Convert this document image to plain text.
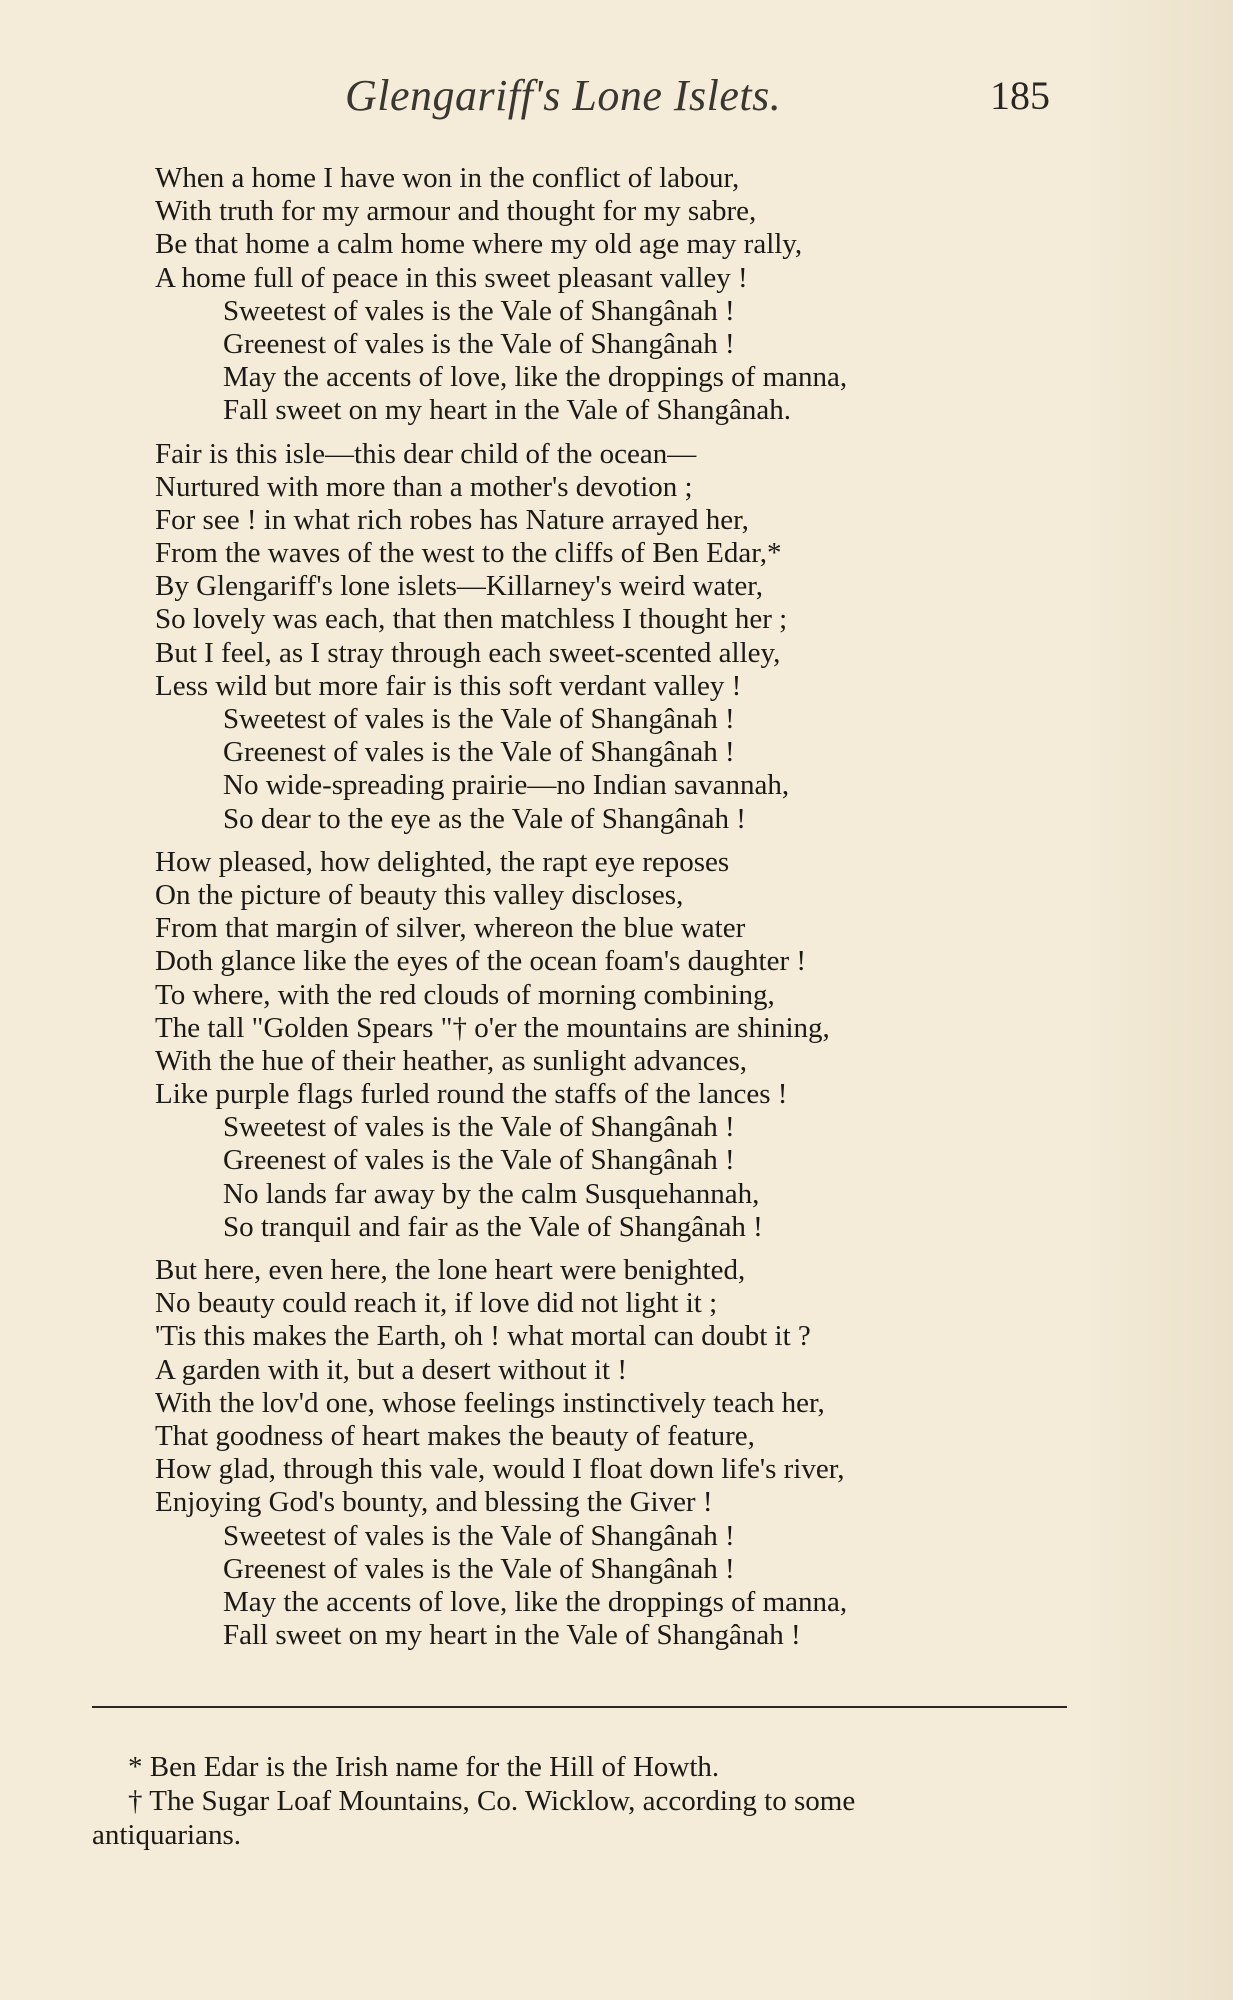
Glengariff's Lone Islets.	185
When a home I have won in the conflict of labour,
With truth for my armour and thought for my sabre,
Be that home a calm home where my old age may rally,
A home full of peace in this sweet pleasant valley !
Sweetest of vales is the Vale of Shangânah !
Greenest of vales is the Vale of Shangânah !
May the accents of love, like the droppings of manna,
Fall sweet on my heart in the Vale of Shangânah.
Fair is this isle—this dear child of the ocean—
Nurtured with more than a mother's devotion ;
For see ! in what rich robes has Nature arrayed her,
From the waves of the west to the cliffs of Ben Edar,*
By Glengariff's lone islets—Killarney's weird water,
So lovely was each, that then matchless I thought her ;
But I feel, as I stray through each sweet-scented alley,
Less wild but more fair is this soft verdant valley !
Sweetest of vales is the Vale of Shangânah !
Greenest of vales is the Vale of Shangânah !
No wide-spreading prairie—no Indian savannah,
So dear to the eye as the Vale of Shangânah !
How pleased, how delighted, the rapt eye reposes
On the picture of beauty this valley discloses,
From that margin of silver, whereon the blue water
Doth glance like the eyes of the ocean foam's daughter !
To where, with the red clouds of morning combining,
The tall "Golden Spears "† o'er the mountains are shining,
With the hue of their heather, as sunlight advances,
Like purple flags furled round the staffs of the lances !
Sweetest of vales is the Vale of Shangânah !
Greenest of vales is the Vale of Shangânah !
No lands far away by the calm Susquehannah,
So tranquil and fair as the Vale of Shangânah !
But here, even here, the lone heart were benighted,
No beauty could reach it, if love did not light it ;
'Tis this makes the Earth, oh ! what mortal can doubt it ?
A garden with it, but a desert without it !
With the lov'd one, whose feelings instinctively teach her,
That goodness of heart makes the beauty of feature,
How glad, through this vale, would I float down life's river,
Enjoying God's bounty, and blessing the Giver !
Sweetest of vales is the Vale of Shangânah !
Greenest of vales is the Vale of Shangânah !
May the accents of love, like the droppings of manna,
Fall sweet on my heart in the Vale of Shangânah !
* Ben Edar is the Irish name for the Hill of Howth.
† The Sugar Loaf Mountains, Co. Wicklow, according to some
antiquarians.
